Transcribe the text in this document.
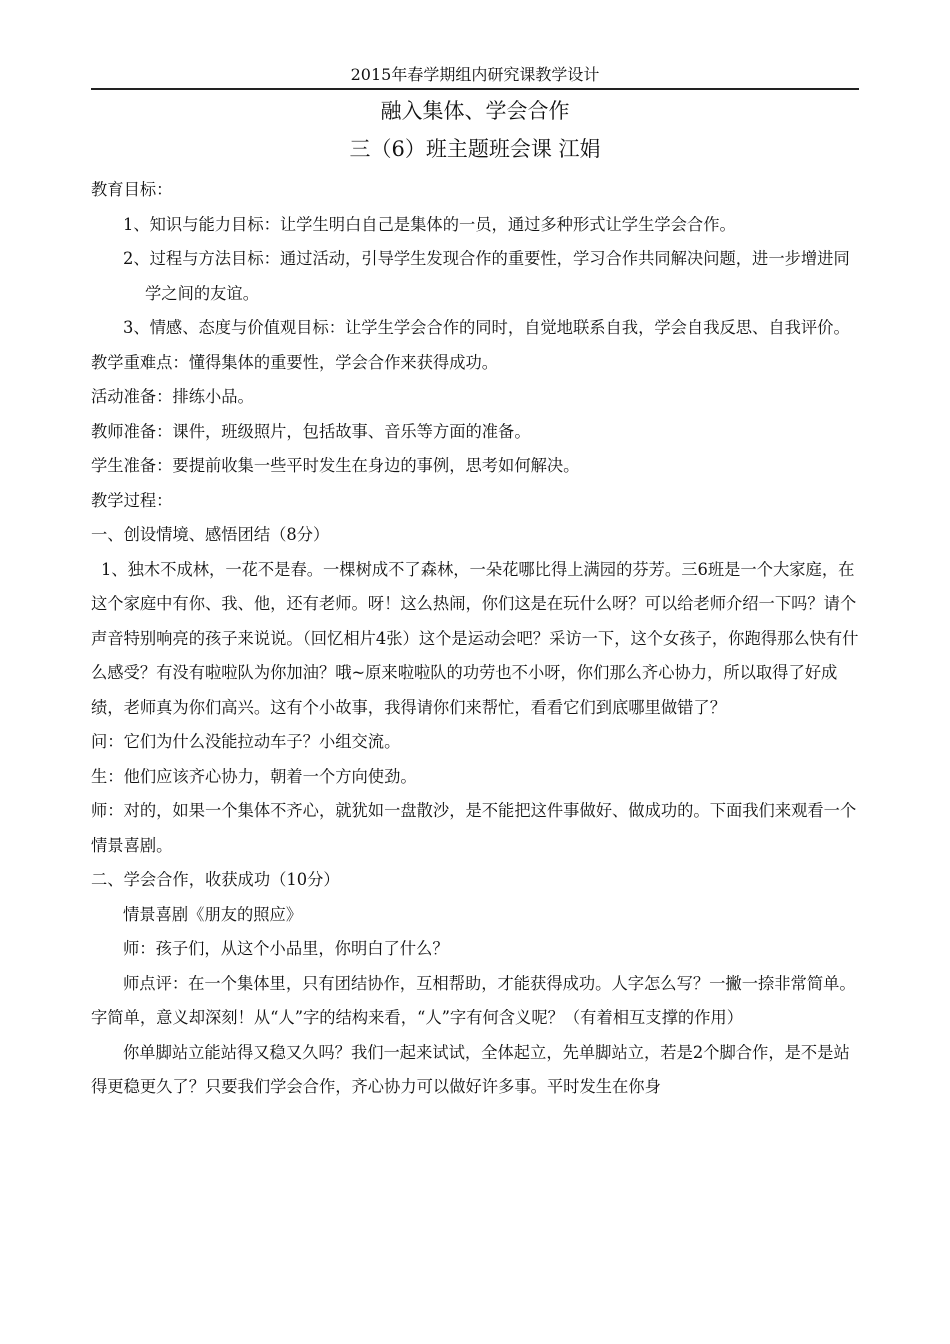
2015年春学期组内研究课教学设计
融入集体、学会合作
三（6）班主题班会课 江娟

教育目标：

1、知识与能力目标：让学生明白自己是集体的一员，通过多种形式让学生学会合作。

2、过程与方法目标：通过活动，引导学生发现合作的重要性，学习合作共同解决问题，进一步增进同学之间的友谊。

3、情感、态度与价值观目标：让学生学会合作的同时，自觉地联系自我，学会自我反思、自我评价。

教学重难点：懂得集体的重要性，学会合作来获得成功。

活动准备：排练小品。

教师准备：课件，班级照片，包括故事、音乐等方面的准备。

学生准备：要提前收集一些平时发生在身边的事例，思考如何解决。

教学过程：

一、创设情境、感悟团结（8分）

1、独木不成林，一花不是春。一棵树成不了森林，一朵花哪比得上满园的芬芳。三6班是一个大家庭，在这个家庭中有你、我、他，还有老师。呀！这么热闹，你们这是在玩什么呀？可以给老师介绍一下吗？请个声音特别响亮的孩子来说说。（回忆相片4张）这个是运动会吧？采访一下，这个女孩子，你跑得那么快有什么感受？有没有啦啦队为你加油？哦~原来啦啦队的功劳也不小呀，你们那么齐心协力，所以取得了好成绩，老师真为你们高兴。这有个小故事，我得请你们来帮忙，看看它们到底哪里做错了？

问：它们为什么没能拉动车子？小组交流。

生：他们应该齐心协力，朝着一个方向使劲。

师：对的，如果一个集体不齐心，就犹如一盘散沙，是不能把这件事做好、做成功的。下面我们来观看一个情景喜剧。

二、学会合作，收获成功（10分）

情景喜剧《朋友的照应》

师：孩子们，从这个小品里，你明白了什么？

师点评：在一个集体里，只有团结协作，互相帮助，才能获得成功。人字怎么写？一撇一捺非常简单。字简单，意义却深刻！从“人”字的结构来看，“人”字有何含义呢？（有着相互支撑的作用）

你单脚站立能站得又稳又久吗？我们一起来试试，全体起立，先单脚站立，若是2个脚合作，是不是站得更稳更久了？只要我们学会合作，齐心协力可以做好许多事。平时发生在你身
